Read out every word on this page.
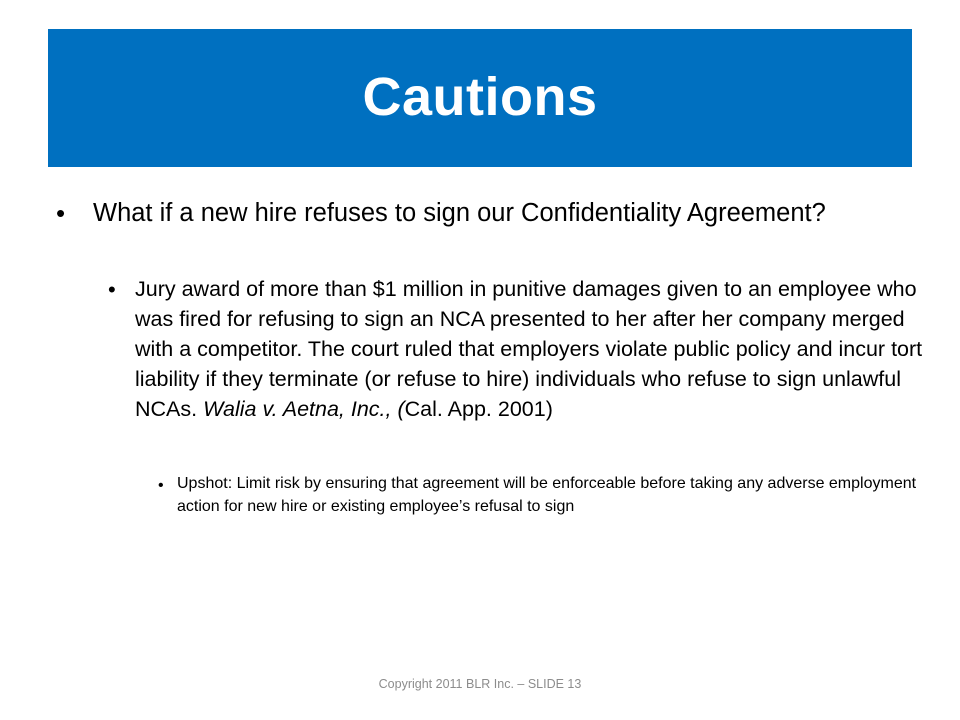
Cautions
• What if a new hire refuses to sign our Confidentiality Agreement?
• Jury award of more than $1 million in punitive damages given to an employee who was fired for refusing to sign an NCA presented to her after her company merged with a competitor. The court ruled that employers violate public policy and incur tort liability if they terminate (or refuse to hire) individuals who refuse to sign unlawful NCAs. Walia v. Aetna, Inc., (Cal. App. 2001)
• Upshot: Limit risk by ensuring that agreement will be enforceable before taking any adverse employment action for new hire or existing employee’s refusal to sign
Copyright 2011 BLR Inc. – SLIDE 13
